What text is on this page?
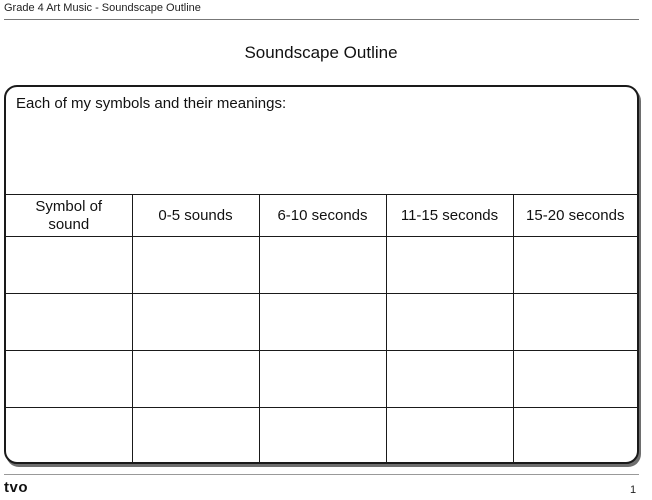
Grade 4 Art Music - Soundscape Outline
Soundscape Outline
Each of my symbols and their meanings:
Symbol of sound	0-5 sounds	6-10 seconds	11-15 seconds	15-20 seconds

tvo	1
